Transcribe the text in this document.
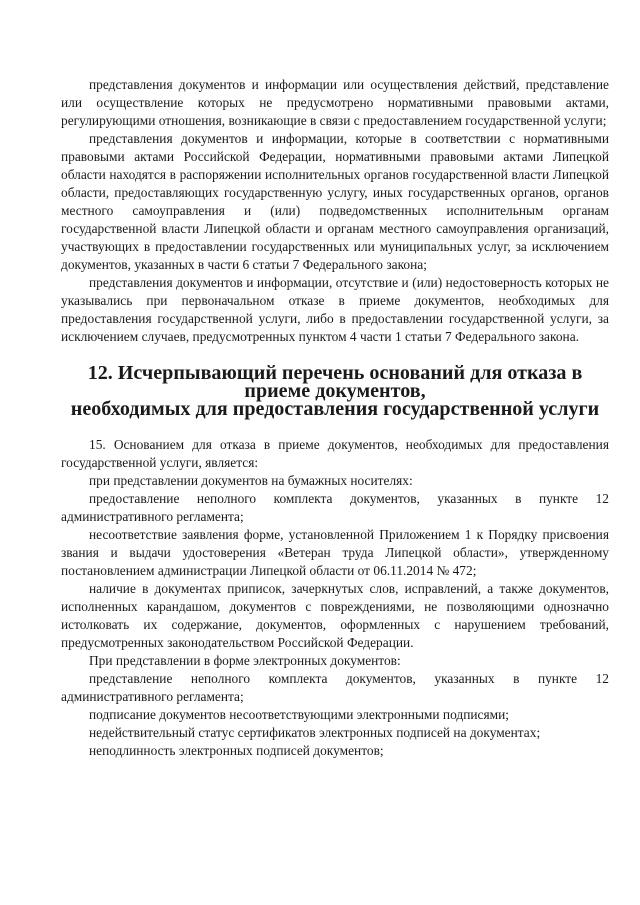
представления документов и информации или осуществления действий, представление или осуществление которых не предусмотрено нормативными правовыми актами, регулирующими отношения, возникающие в связи с предоставлением государственной услуги;

представления документов и информации, которые в соответствии с нормативными правовыми актами Российской Федерации, нормативными правовыми актами Липецкой области находятся в распоряжении исполнительных органов государственной власти Липецкой области, предоставляющих государственную услугу, иных государственных органов, органов местного самоуправления и (или) подведомственных исполнительным органам государственной власти Липецкой области и органам местного самоуправления организаций, участвующих в предоставлении государственных или муниципальных услуг, за исключением документов, указанных в части 6 статьи 7 Федерального закона;

представления документов и информации, отсутствие и (или) недостоверность которых не указывались при первоначальном отказе в приеме документов, необходимых для предоставления государственной услуги, либо в предоставлении государственной услуги, за исключением случаев, предусмотренных пунктом 4 части 1 статьи 7 Федерального закона.

12. Исчерпывающий перечень оснований для отказа в приеме документов,
необходимых для предоставления государственной услуги

15. Основанием для отказа в приеме документов, необходимых для предоставления государственной услуги, является:

при представлении документов на бумажных носителях:

предоставление неполного комплекта документов, указанных в пункте 12 административного регламента;

несоответствие заявления форме, установленной Приложением 1 к Порядку присвоения звания и выдачи удостоверения «Ветеран труда Липецкой области», утвержденному постановлением администрации Липецкой области от 06.11.2014 № 472;

наличие в документах приписок, зачеркнутых слов, исправлений, а также документов, исполненных карандашом, документов с повреждениями, не позволяющими однозначно истолковать их содержание, документов, оформленных с нарушением требований, предусмотренных законодательством Российской Федерации.

При представлении в форме электронных документов:

представление неполного комплекта документов, указанных в пункте 12 административного регламента;

подписание документов несоответствующими электронными подписями;

недействительный статус сертификатов электронных подписей на документах;

неподлинность электронных подписей документов;
